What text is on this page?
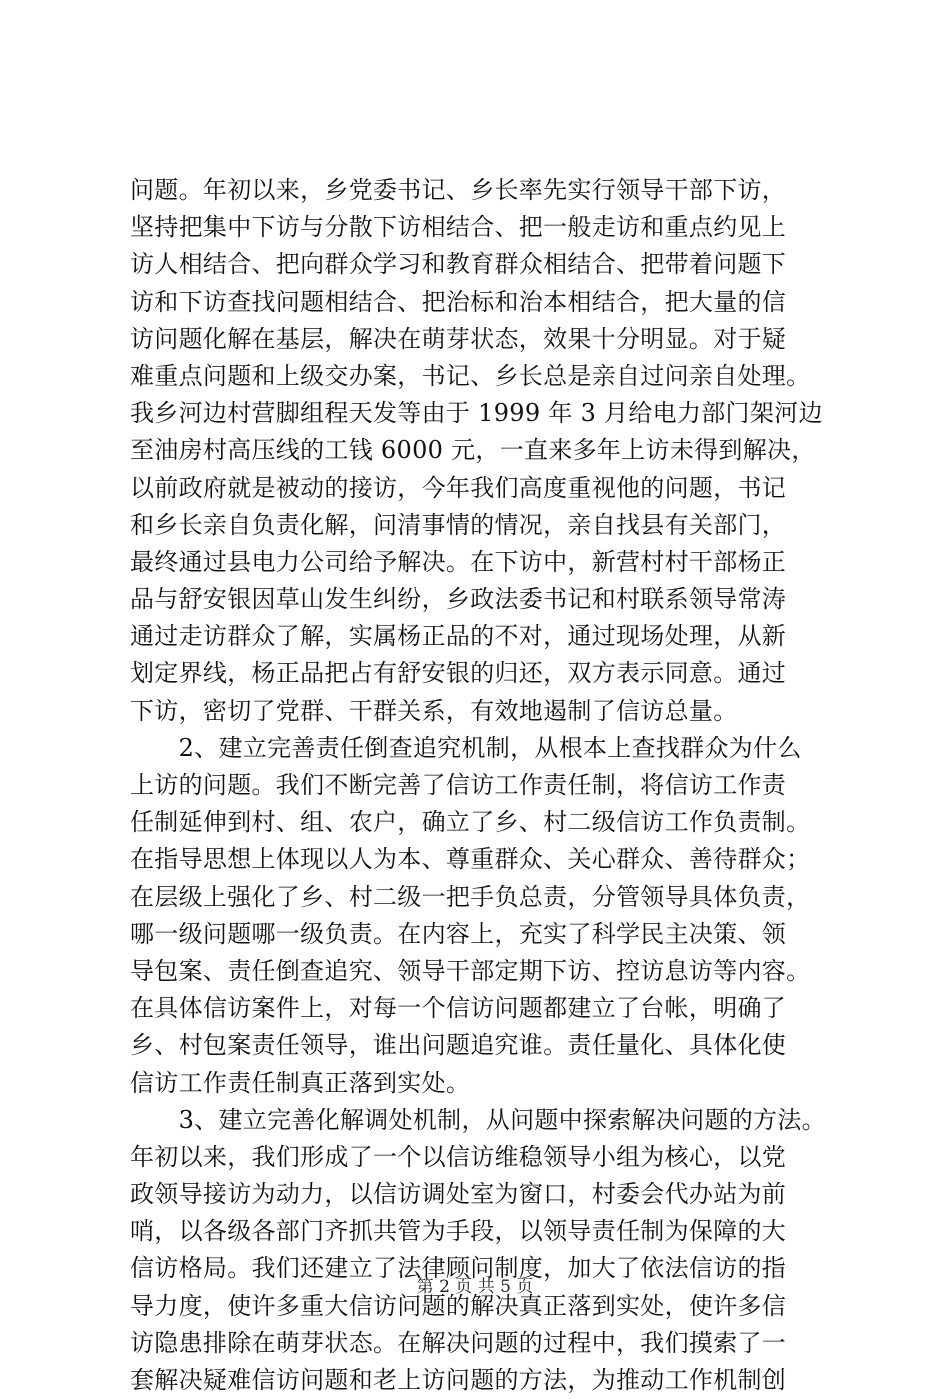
问题。年初以来，乡党委书记、乡长率先实行领导干部下访，
坚持把集中下访与分散下访相结合、把一般走访和重点约见上
访人相结合、把向群众学习和教育群众相结合、把带着问题下
访和下访查找问题相结合、把治标和治本相结合，把大量的信
访问题化解在基层，解决在萌芽状态，效果十分明显。对于疑
难重点问题和上级交办案，书记、乡长总是亲自过问亲自处理。
我乡河边村营脚组程天发等由于 1999 年 3 月给电力部门架河边
至油房村高压线的工钱 6000 元，一直来多年上访未得到解决，
以前政府就是被动的接访，今年我们高度重视他的问题，书记
和乡长亲自负责化解，问清事情的情况，亲自找县有关部门，
最终通过县电力公司给予解决。在下访中，新营村村干部杨正
品与舒安银因草山发生纠纷，乡政法委书记和村联系领导常涛
通过走访群众了解，实属杨正品的不对，通过现场处理，从新
划定界线，杨正品把占有舒安银的归还，双方表示同意。通过
下访，密切了党群、干群关系，有效地遏制了信访总量。
　　2、建立完善责任倒查追究机制，从根本上查找群众为什么
上访的问题。我们不断完善了信访工作责任制，将信访工作责
任制延伸到村、组、农户，确立了乡、村二级信访工作负责制。
在指导思想上体现以人为本、尊重群众、关心群众、善待群众；
在层级上强化了乡、村二级一把手负总责，分管领导具体负责，
哪一级问题哪一级负责。在内容上，充实了科学民主决策、领
导包案、责任倒查追究、领导干部定期下访、控访息访等内容。
在具体信访案件上，对每一个信访问题都建立了台帐，明确了
乡、村包案责任领导，谁出问题追究谁。责任量化、具体化使
信访工作责任制真正落到实处。
　　3、建立完善化解调处机制，从问题中探索解决问题的方法。
年初以来，我们形成了一个以信访维稳领导小组为核心，以党
政领导接访为动力，以信访调处室为窗口，村委会代办站为前
哨，以各级各部门齐抓共管为手段，以领导责任制为保障的大
信访格局。我们还建立了法律顾问制度，加大了依法信访的指
导力度，使许多重大信访问题的解决真正落到实处，使许多信
访隐患排除在萌芽状态。在解决问题的过程中，我们摸索了一
套解决疑难信访问题和老上访问题的方法，为推动工作机制创
第 2 页 共 5 页
